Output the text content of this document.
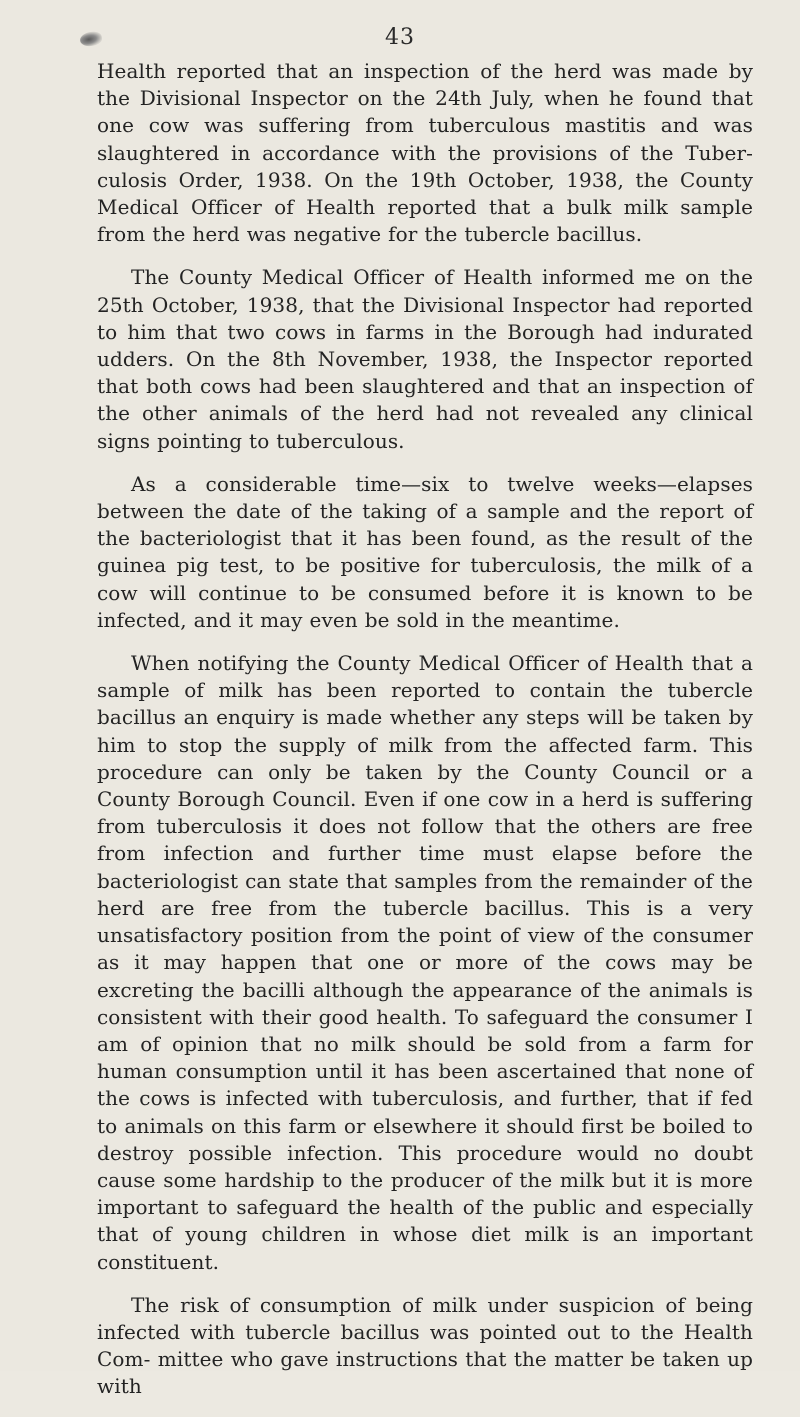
43

Health reported that an inspection of the herd was made by the Divisional Inspector on the 24th July, when he found that one cow was suffering from tuberculous mastitis and was slaughtered in accordance with the provisions of the Tuber- culosis Order, 1938. On the 19th October, 1938, the County Medical Officer of Health reported that a bulk milk sample from the herd was negative for the tubercle bacillus.

The County Medical Officer of Health informed me on the 25th October, 1938, that the Divisional Inspector had reported to him that two cows in farms in the Borough had indurated udders. On the 8th November, 1938, the Inspector reported that both cows had been slaughtered and that an inspection of the other animals of the herd had not revealed any clinical signs pointing to tuberculous.

As a considerable time—six to twelve weeks—elapses between the date of the taking of a sample and the report of the bacteriologist that it has been found, as the result of the guinea pig test, to be positive for tuberculosis, the milk of a cow will continue to be consumed before it is known to be infected, and it may even be sold in the meantime.

When notifying the County Medical Officer of Health that a sample of milk has been reported to contain the tubercle bacillus an enquiry is made whether any steps will be taken by him to stop the supply of milk from the affected farm. This procedure can only be taken by the County Council or a County Borough Council. Even if one cow in a herd is suffering from tuberculosis it does not follow that the others are free from infection and further time must elapse before the bacteriologist can state that samples from the remainder of the herd are free from the tubercle bacillus. This is a very unsatisfactory position from the point of view of the consumer as it may happen that one or more of the cows may be excreting the bacilli although the appearance of the animals is consistent with their good health. To safeguard the consumer I am of opinion that no milk should be sold from a farm for human consumption until it has been ascertained that none of the cows is infected with tuberculosis, and further, that if fed to animals on this farm or elsewhere it should first be boiled to destroy possible infection. This procedure would no doubt cause some hardship to the producer of the milk but it is more important to safeguard the health of the public and especially that of young children in whose diet milk is an important constituent.

The risk of consumption of milk under suspicion of being infected with tubercle bacillus was pointed out to the Health Com- mittee who gave instructions that the matter be taken up with
